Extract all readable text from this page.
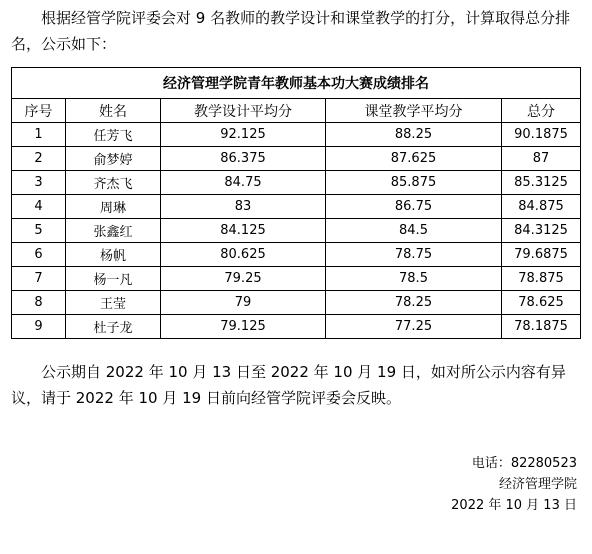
根据经管学院评委会对 9 名教师的教学设计和课堂教学的打分，计算取得总分排名，公示如下：

经济管理学院青年教师基本功大赛成绩排名				
序号	姓名	教学设计平均分	课堂教学平均分	总分
1	任芳飞	92.125	88.25	90.1875
2	俞梦婷	86.375	87.625	87
3	齐杰飞	84.75	85.875	85.3125
4	周琳	83	86.75	84.875
5	张鑫红	84.125	84.5	84.3125
6	杨帆	80.625	78.75	79.6875
7	杨一凡	79.25	78.5	78.875
8	王莹	79	78.25	78.625
9	杜子龙	79.125	77.25	78.1875

公示期自 2022 年 10 月 13 日至 2022 年 10 月 19 日，如对所公示内容有异议，请于 2022 年 10 月 19 日前向经管学院评委会反映。

电话：82280523
经济管理学院
2022 年 10 月 13 日
